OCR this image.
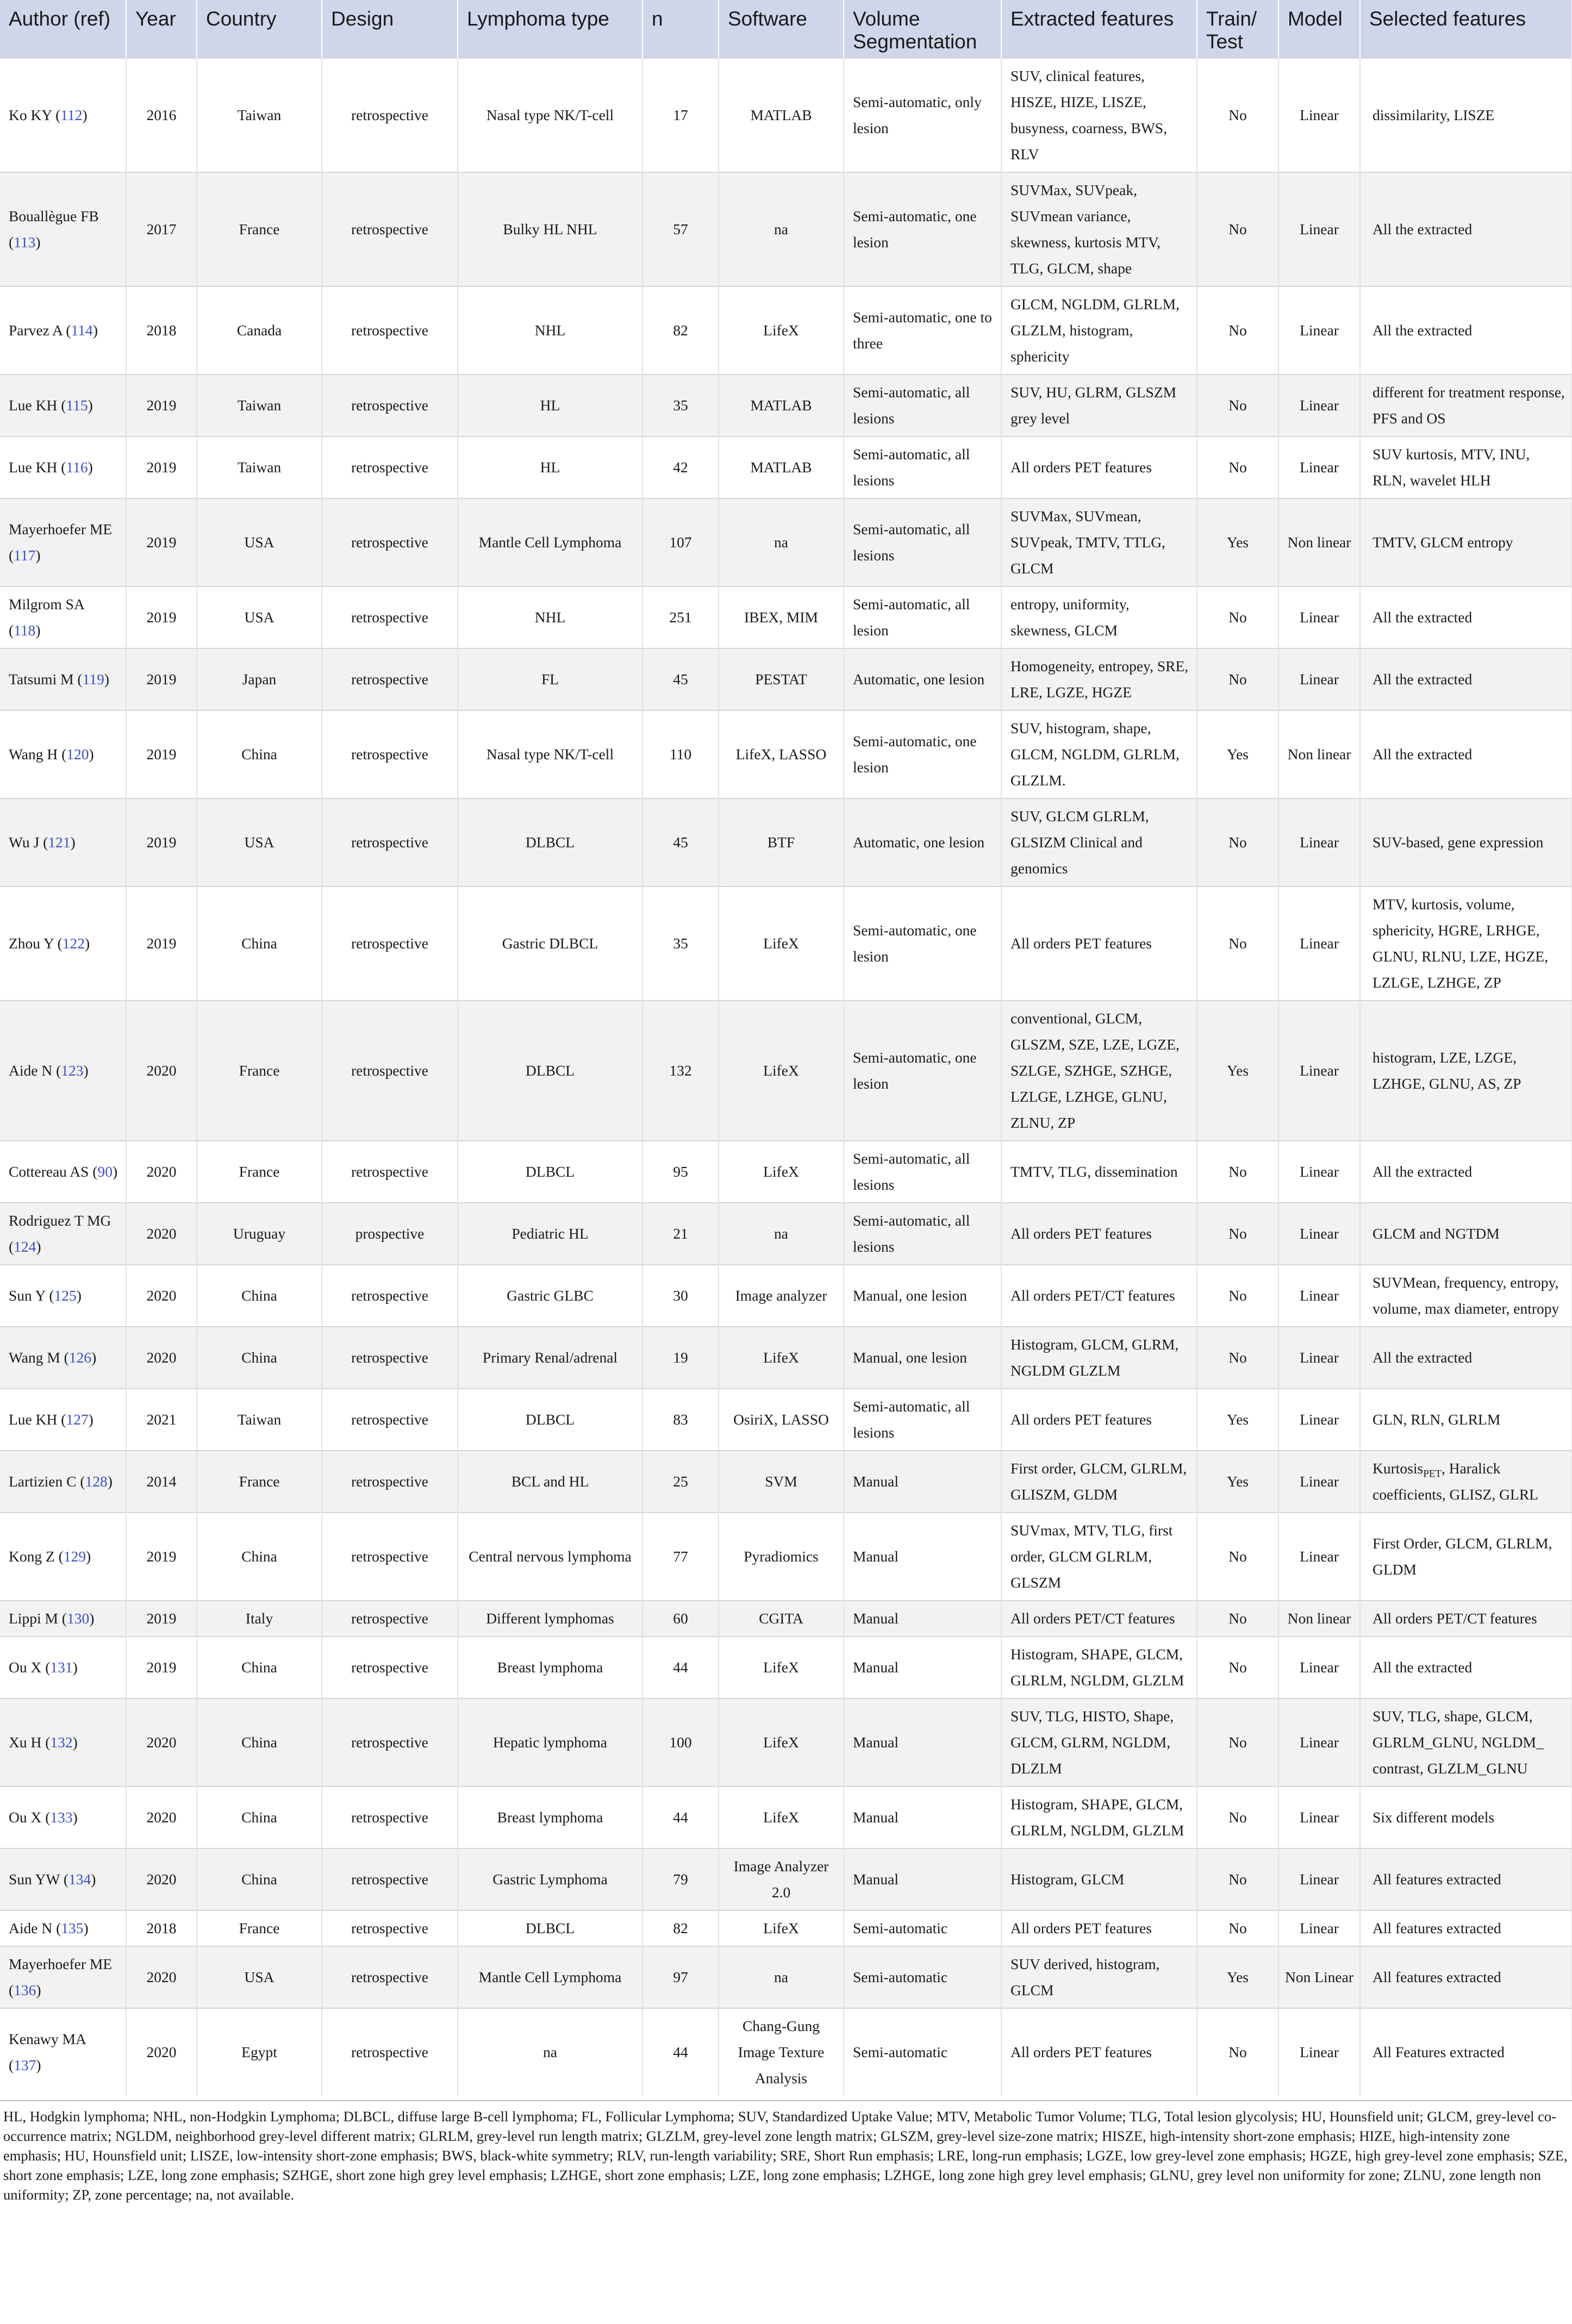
Author (ref)	Year	Country	Design	Lymphoma type	n	Software	Volume Segmentation	Extracted features	Train/ Test	Model	Selected features
Ko KY (112)	2016	Taiwan	retrospective	Nasal type NK/T-cell	17	MATLAB	Semi-automatic, only lesion	SUV, clinical features, HISZE, HIZE, LISZE, busyness, coarness, BWS, RLV	No	Linear	dissimilarity, LISZE
Bouallègue FB (113)	2017	France	retrospective	Bulky HL NHL	57	na	Semi-automatic, one lesion	SUVMax, SUVpeak, SUVmean variance, skewness, kurtosis MTV, TLG, GLCM, shape	No	Linear	All the extracted
Parvez A (114)	2018	Canada	retrospective	NHL	82	LifeX	Semi-automatic, one to three	GLCM, NGLDM, GLRLM, GLZLM, histogram, sphericity	No	Linear	All the extracted
Lue KH (115)	2019	Taiwan	retrospective	HL	35	MATLAB	Semi-automatic, all lesions	SUV, HU, GLRM, GLSZM grey level	No	Linear	different for treatment response, PFS and OS
Lue KH (116)	2019	Taiwan	retrospective	HL	42	MATLAB	Semi-automatic, all lesions	All orders PET features	No	Linear	SUV kurtosis, MTV, INU, RLN, wavelet HLH
Mayerhoefer ME (117)	2019	USA	retrospective	Mantle Cell Lymphoma	107	na	Semi-automatic, all lesions	SUVMax, SUVmean, SUVpeak, TMTV, TTLG, GLCM	Yes	Non linear	TMTV, GLCM entropy
Milgrom SA (118)	2019	USA	retrospective	NHL	251	IBEX, MIM	Semi-automatic, all lesion	entropy, uniformity, skewness, GLCM	No	Linear	All the extracted
Tatsumi M (119)	2019	Japan	retrospective	FL	45	PESTAT	Automatic, one lesion	Homogeneity, entropey, SRE, LRE, LGZE, HGZE	No	Linear	All the extracted
Wang H (120)	2019	China	retrospective	Nasal type NK/T-cell	110	LifeX, LASSO	Semi-automatic, one lesion	SUV, histogram, shape, GLCM, NGLDM, GLRLM, GLZLM.	Yes	Non linear	All the extracted
Wu J (121)	2019	USA	retrospective	DLBCL	45	BTF	Automatic, one lesion	SUV, GLCM GLRLM, GLSIZM Clinical and genomics	No	Linear	SUV-based, gene expression
Zhou Y (122)	2019	China	retrospective	Gastric DLBCL	35	LifeX	Semi-automatic, one lesion	All orders PET features	No	Linear	MTV, kurtosis, volume, sphericity, HGRE, LRHGE, GLNU, RLNU, LZE, HGZE, LZLGE, LZHGE, ZP
Aide N (123)	2020	France	retrospective	DLBCL	132	LifeX	Semi-automatic, one lesion	conventional, GLCM, GLSZM, SZE, LZE, LGZE, SZLGE, SZHGE, SZHGE, LZLGE, LZHGE, GLNU, ZLNU, ZP	Yes	Linear	histogram, LZE, LZGE, LZHGE, GLNU, AS, ZP
Cottereau AS (90)	2020	France	retrospective	DLBCL	95	LifeX	Semi-automatic, all lesions	TMTV, TLG, dissemination	No	Linear	All the extracted
Rodriguez T MG (124)	2020	Uruguay	prospective	Pediatric HL	21	na	Semi-automatic, all lesions	All orders PET features	No	Linear	GLCM and NGTDM
Sun Y (125)	2020	China	retrospective	Gastric GLBC	30	Image analyzer	Manual, one lesion	All orders PET/CT features	No	Linear	SUVMean, frequency, entropy, volume, max diameter, entropy
Wang M (126)	2020	China	retrospective	Primary Renal/adrenal	19	LifeX	Manual, one lesion	Histogram, GLCM, GLRM, NGLDM GLZLM	No	Linear	All the extracted
Lue KH (127)	2021	Taiwan	retrospective	DLBCL	83	OsiriX, LASSO	Semi-automatic, all lesions	All orders PET features	Yes	Linear	GLN, RLN, GLRLM
Lartizien C (128)	2014	France	retrospective	BCL and HL	25	SVM	Manual	First order, GLCM, GLRLM, GLISZM, GLDM	Yes	Linear	Kurtosis$_{PET}$, Haralick coefficients, GLISZ, GLRL
Kong Z (129)	2019	China	retrospective	Central nervous lymphoma	77	Pyradiomics	Manual	SUVmax, MTV, TLG, first order, GLCM GLRLM, GLSZM	No	Linear	First Order, GLCM, GLRLM, GLDM
Lippi M (130)	2019	Italy	retrospective	Different lymphomas	60	CGITA	Manual	All orders PET/CT features	No	Non linear	All orders PET/CT features
Ou X (131)	2019	China	retrospective	Breast lymphoma	44	LifeX	Manual	Histogram, SHAPE, GLCM, GLRLM, NGLDM, GLZLM	No	Linear	All the extracted
Xu H (132)	2020	China	retrospective	Hepatic lymphoma	100	LifeX	Manual	SUV, TLG, HISTO, Shape, GLCM, GLRM, NGLDM, DLZLM	No	Linear	SUV, TLG, shape, GLCM, GLRLM_GLNU, NGLDM_ contrast, GLZLM_GLNU
Ou X (133)	2020	China	retrospective	Breast lymphoma	44	LifeX	Manual	Histogram, SHAPE, GLCM, GLRLM, NGLDM, GLZLM	No	Linear	Six different models
Sun YW (134)	2020	China	retrospective	Gastric Lymphoma	79	Image Analyzer 2.0	Manual	Histogram, GLCM	No	Linear	All features extracted
Aide N (135)	2018	France	retrospective	DLBCL	82	LifeX	Semi-automatic	All orders PET features	No	Linear	All features extracted
Mayerhoefer ME (136)	2020	USA	retrospective	Mantle Cell Lymphoma	97	na	Semi-automatic	SUV derived, histogram, GLCM	Yes	Non Linear	All features extracted
Kenawy MA (137)	2020	Egypt	retrospective	na	44	Chang-Gung Image Texture Analysis	Semi-automatic	All orders PET features	No	Linear	All Features extracted

HL, Hodgkin lymphoma; NHL, non-Hodgkin Lymphoma; DLBCL, diffuse large B-cell lymphoma; FL, Follicular Lymphoma; SUV, Standardized Uptake Value; MTV, Metabolic Tumor Volume; TLG, Total lesion glycolysis; HU, Hounsfield unit; GLCM, grey-level co-occurrence matrix; NGLDM, neighborhood grey-level different matrix; GLRLM, grey-level run length matrix; GLZLM, grey-level zone length matrix; GLSZM, grey-level size-zone matrix; HISZE, high-intensity short-zone emphasis; HIZE, high-intensity zone emphasis; HU, Hounsfield unit; LISZE, low-intensity short-zone emphasis; BWS, black-white symmetry; RLV, run-length variability; SRE, Short Run emphasis; LRE, long-run emphasis; LGZE, low grey-level zone emphasis; HGZE, high grey-level zone emphasis; SZE, short zone emphasis; LZE, long zone emphasis; SZHGE, short zone high grey level emphasis; LZHGE, short zone emphasis; LZE, long zone emphasis; LZHGE, long zone high grey level emphasis; GLNU, grey level non uniformity for zone; ZLNU, zone length non uniformity; ZP, zone percentage; na, not available.
